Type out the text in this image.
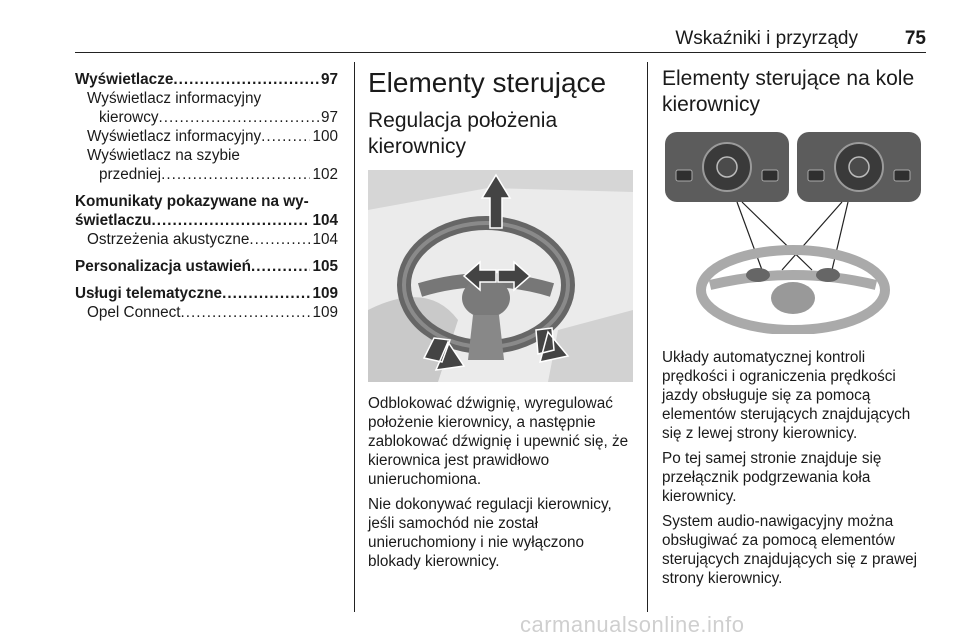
Wskaźniki i przyrządy 75
Wyświetlacze .....	97
Wyświetlacz informacyjny
kierowcy .....	97
Wyświetlacz informacyjny .....	100
Wyświetlacz na szybie
przedniej .....	102
Komunikaty pokazywane na wy-
świetlaczu .....	104
Ostrzeżenia akustyczne .....	104
Personalizacja ustawień .....	105
Usługi telematyczne .....	109
Opel Connect .....	109
Elementy sterujące
Regulacja położenia kierownicy

Odblokować dźwignię, wyregulować położenie kierownicy, a następnie zablokować dźwignię i upewnić się, że kierownica jest prawidłowo unieruchomiona.

Nie dokonywać regulacji kierownicy, jeśli samochód nie został unieruchomiony i nie wyłączono blokady kierownicy.

Elementy sterujące na kole kierownicy

Układy automatycznej kontroli prędkości i ograniczenia prędkości jazdy obsługuje się za pomocą elementów sterujących znajdujących się z lewej strony kierownicy.

Po tej samej stronie znajduje się przełącznik podgrzewania koła kierownicy.

System audio-nawigacyjny można obsługiwać za pomocą elementów sterujących znajdujących się z prawej strony kierownicy.

carmanualsonline.info
